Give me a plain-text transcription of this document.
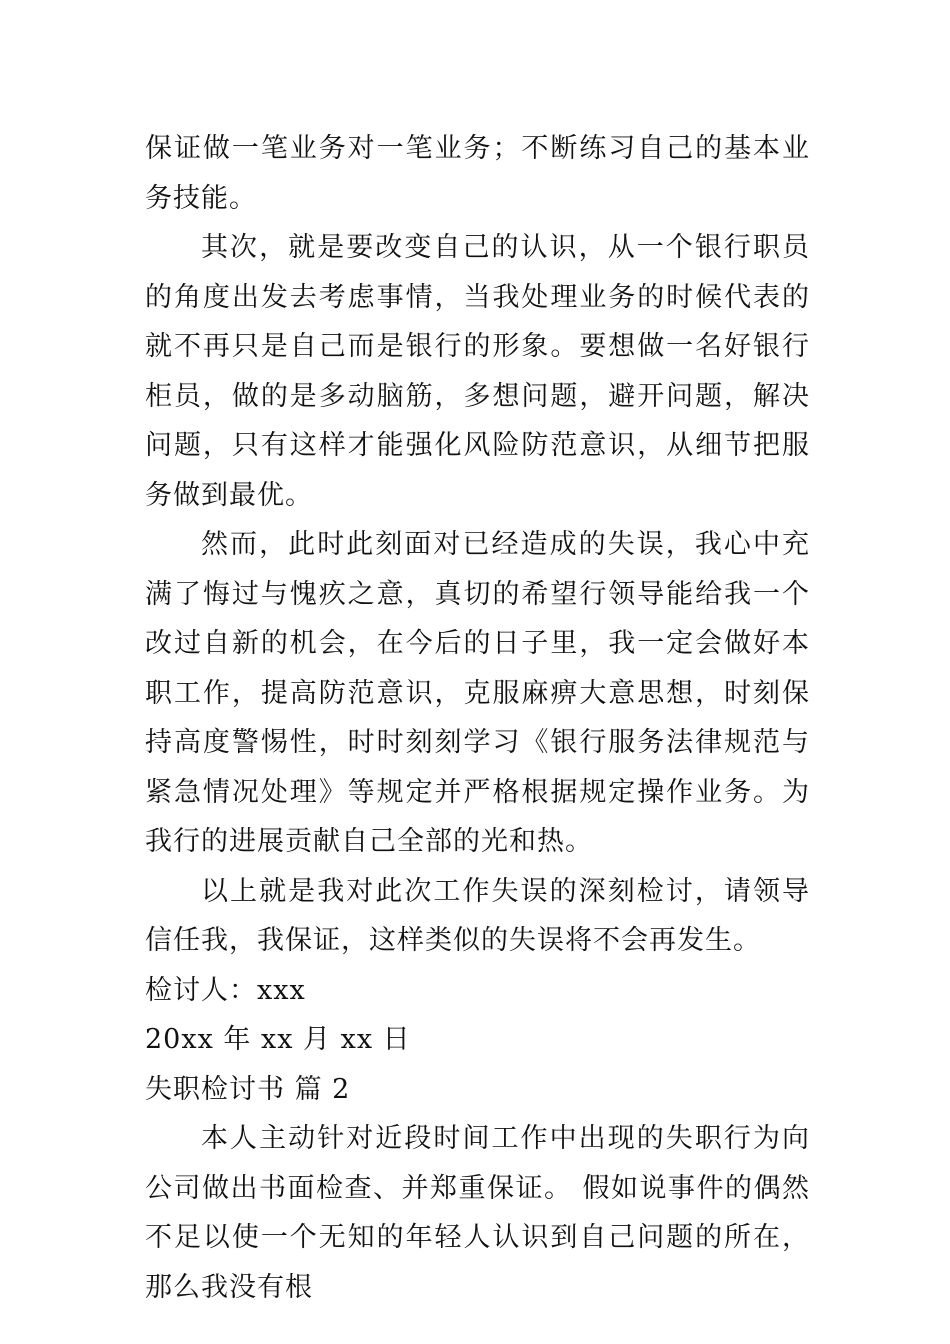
保证做一笔业务对一笔业务；不断练习自己的基本业务技能。

其次，就是要改变自己的认识，从一个银行职员的角度出发去考虑事情，当我处理业务的时候代表的就不再只是自己而是银行的形象。要想做一名好银行柜员，做的是多动脑筋，多想问题，避开问题，解决问题，只有这样才能强化风险防范意识，从细节把服务做到最优。

然而，此时此刻面对已经造成的失误，我心中充满了悔过与愧疚之意，真切的希望行领导能给我一个改过自新的机会，在今后的日子里，我一定会做好本职工作，提高防范意识，克服麻痹大意思想，时刻保持高度警惕性，时时刻刻学习《银行服务法律规范与紧急情况处理》等规定并严格根据规定操作业务。为我行的进展贡献自己全部的光和热。

以上就是我对此次工作失误的深刻检讨，请领导信任我，我保证，这样类似的失误将不会再发生。

检讨人：xxx

20xx 年 xx 月 xx 日

失职检讨书 篇 2

本人主动针对近段时间工作中出现的失职行为向公司做出书面检查、并郑重保证。 假如说事件的偶然不足以使一个无知的年轻人认识到自己问题的所在，那么我没有根
